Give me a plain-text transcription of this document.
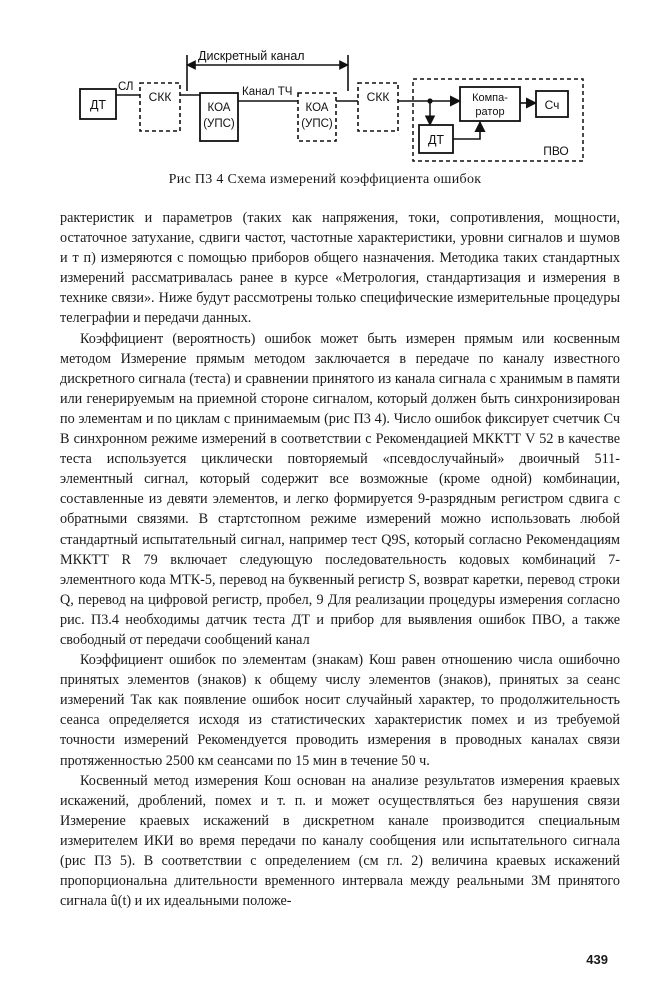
Дискретный канал
ДТ
СЛ
СКК
КОА
(УПС)
Канал ТЧ
КОА
(УПС)
СКК
ПВО
Компа-
ратор	Сч
ДТ
Рис П3 4 Схема измерений коэффициента ошибок

рактеристик и параметров (таких как напряжения, токи, сопротивления, мощности, остаточное затухание, сдвиги частот, частотные характеристики, уровни сигналов и шумов и т п) измеряются с помощью приборов общего назначения. Методика таких стандартных измерений рассматривалась ранее в курсе «Метрология, стандартизация и измерения в технике связи». Ниже будут рассмотрены только специфические измерительные процедуры телеграфии и передачи данных.

Коэффициент (вероятность) ошибок может быть измерен прямым или косвенным методом Измерение прямым методом заключается в передаче по каналу известного дискретного сигнала (теста) и сравнении принятого из канала сигнала с хранимым в памяти или генерируемым на приемной стороне сигналом, который должен быть синхронизирован по элементам и по циклам с принимаемым (рис П3 4). Число ошибок фиксирует счетчик Сч В синхронном режиме измерений в соответствии с Рекомендацией МККТТ V 52 в качестве теста используется циклически повторяемый «псевдослучайный» двоичный 511-элементный сигнал, который содержит все возможные (кроме одной) комбинации, составленные из девяти элементов, и легко формируется 9-разрядным регистром сдвига с обратными связями. В стартстопном режиме измерений можно использовать любой стандартный испытательный сигнал, например тест Q9S, который согласно Рекомендациям МККТТ R 79 включает следующую последовательность кодовых комбинаций 7-элементного кода МТК-5, перевод на буквенный регистр S, возврат каретки, перевод строки Q, перевод на цифровой регистр, пробел, 9 Для реализации процедуры измерения согласно рис. П3.4 необходимы датчик теста ДТ и прибор для выявления ошибок ПВО, а также свободный от передачи сообщений канал

Коэффициент ошибок по элементам (знакам) Кош равен отношению числа ошибочно принятых элементов (знаков) к общему числу элементов (знаков), принятых за сеанс измерений Так как появление ошибок носит случайный характер, то продолжительность сеанса определяется исходя из статистических характеристик помех и из требуемой точности измерений Рекомендуется проводить измерения в проводных каналах связи протяженностью 2500 км сеансами по 15 мин в течение 50 ч.

Косвенный метод измерения Кош основан на анализе результатов измерения краевых искажений, дроблений, помех и т. п. и может осуществляться без нарушения связи Измерение краевых искажений в дискретном канале производится специальным измерителем ИКИ во время передачи по каналу сообщения или испытательного сигнала (рис П3 5). В соответствии с определением (см гл. 2) величина краевых искажений пропорциональна длительности временного интервала между реальными ЗМ принятого сигнала û(t) и их идеальными положе-

439
